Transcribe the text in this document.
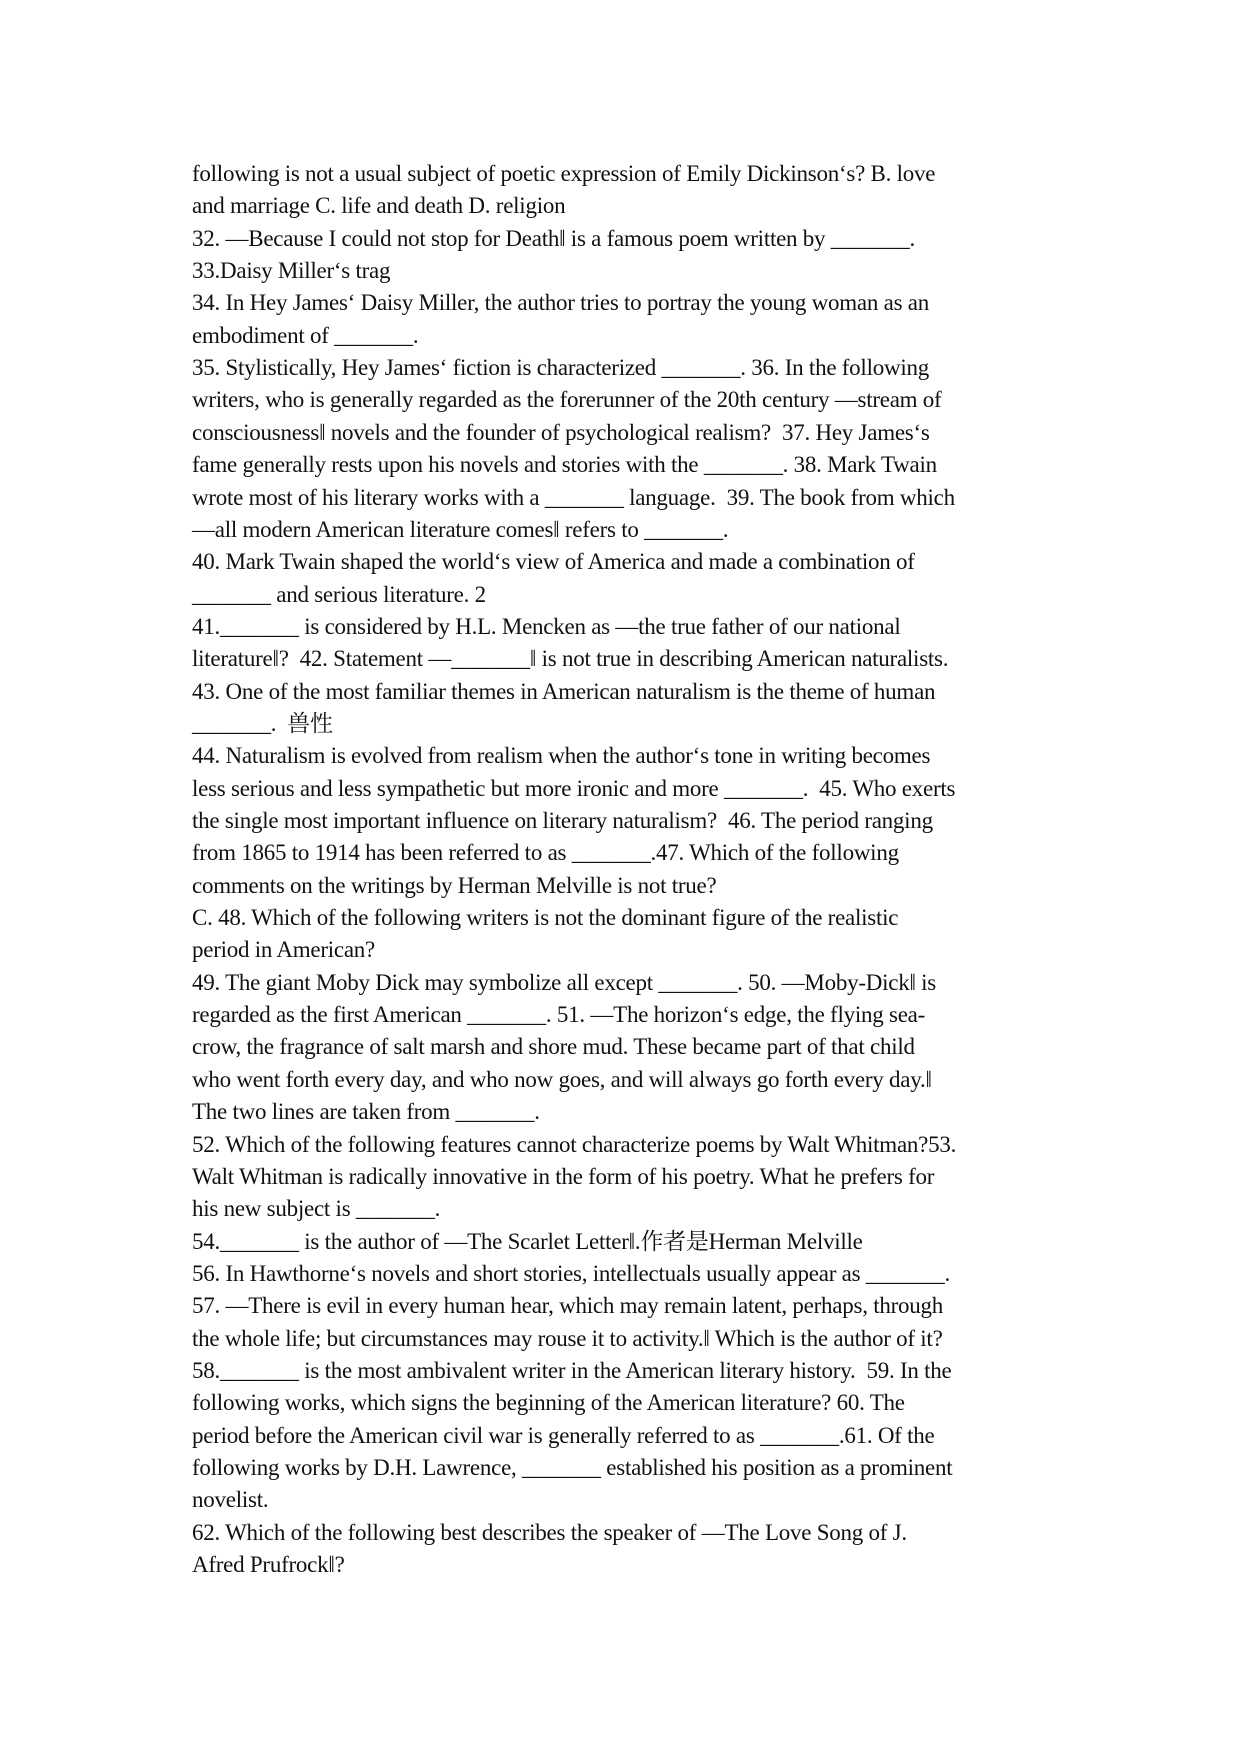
following is not a usual subject of poetic expression of Emily Dickinson‘s? B. love
and marriage C. life and death D. religion
32. —Because I could not stop for Death‖ is a famous poem written by _______.
33.Daisy Miller‘s trag
34. In Hey James‘ Daisy Miller, the author tries to portray the young woman as an
embodiment of _______.
35. Stylistically, Hey James‘ fiction is characterized _______. 36. In the following
writers, who is generally regarded as the forerunner of the 20th century —stream of
consciousness‖ novels and the founder of psychological realism?  37. Hey James‘s
fame generally rests upon his novels and stories with the _______. 38. Mark Twain
wrote most of his literary works with a _______ language.  39. The book from which
—all modern American literature comes‖ refers to _______.
40. Mark Twain shaped the world‘s view of America and made a combination of
_______ and serious literature. 2
41._______ is considered by H.L. Mencken as —the true father of our national
literature‖?  42. Statement —_______‖ is not true in describing American naturalists.
43. One of the most familiar themes in American naturalism is the theme of human
_______.  兽性
44. Naturalism is evolved from realism when the author‘s tone in writing becomes
less serious and less sympathetic but more ironic and more _______.  45. Who exerts
the single most important influence on literary naturalism?  46. The period ranging
from 1865 to 1914 has been referred to as _______.47. Which of the following
comments on the writings by Herman Melville is not true?
C. 48. Which of the following writers is not the dominant figure of the realistic
period in American?
49. The giant Moby Dick may symbolize all except _______. 50. —Moby-Dick‖ is
regarded as the first American _______. 51. —The horizon‘s edge, the flying sea-
crow, the fragrance of salt marsh and shore mud. These became part of that child
who went forth every day, and who now goes, and will always go forth every day.‖
The two lines are taken from _______.
52. Which of the following features cannot characterize poems by Walt Whitman?53.
Walt Whitman is radically innovative in the form of his poetry. What he prefers for
his new subject is _______.
54._______ is the author of —The Scarlet Letter‖.作者是Herman Melville
56. In Hawthorne‘s novels and short stories, intellectuals usually appear as _______.
57. —There is evil in every human hear, which may remain latent, perhaps, through
the whole life; but circumstances may rouse it to activity.‖ Which is the author of it?
58._______ is the most ambivalent writer in the American literary history.  59. In the
following works, which signs the beginning of the American literature? 60. The
period before the American civil war is generally referred to as _______.61. Of the
following works by D.H. Lawrence, _______ established his position as a prominent
novelist.
62. Which of the following best describes the speaker of —The Love Song of J.
Afred Prufrock‖?
